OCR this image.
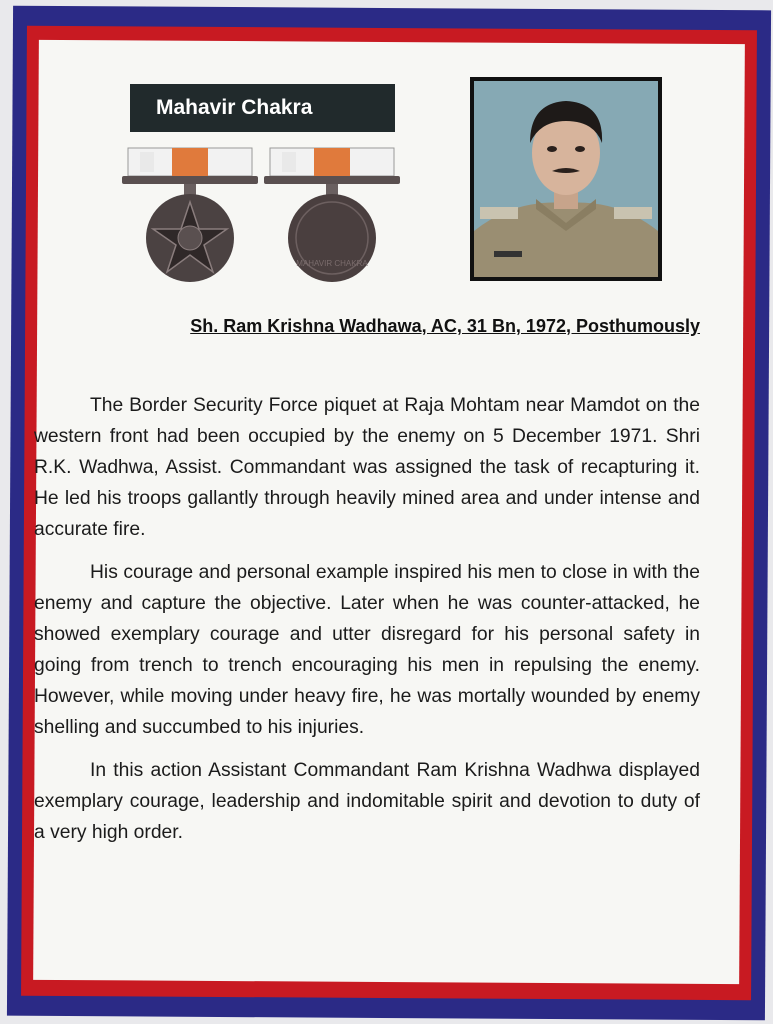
Mahavir Chakra
MAHAVIR CHAKRA
Sh. Ram Krishna Wadhawa, AC, 31 Bn, 1972, Posthumously

The Border Security Force piquet at Raja Mohtam near Mamdot on the western front had been occupied by the enemy on 5 December 1971. Shri R.K. Wadhwa, Assist. Commandant was assigned the task of recapturing it. He led his troops gallantly through heavily mined area and under intense and accurate fire.

His courage and personal example inspired his men to close in with the enemy and capture the objective. Later when he was counter-attacked, he showed exemplary courage and utter disregard for his personal safety in going from trench to trench encouraging his men in repulsing the enemy. However, while moving under heavy fire, he was mortally wounded by enemy shelling and succumbed to his injuries.

In this action Assistant Commandant Ram Krishna Wadhwa displayed exemplary courage, leadership and indomitable spirit and devotion to duty of a very high order.
